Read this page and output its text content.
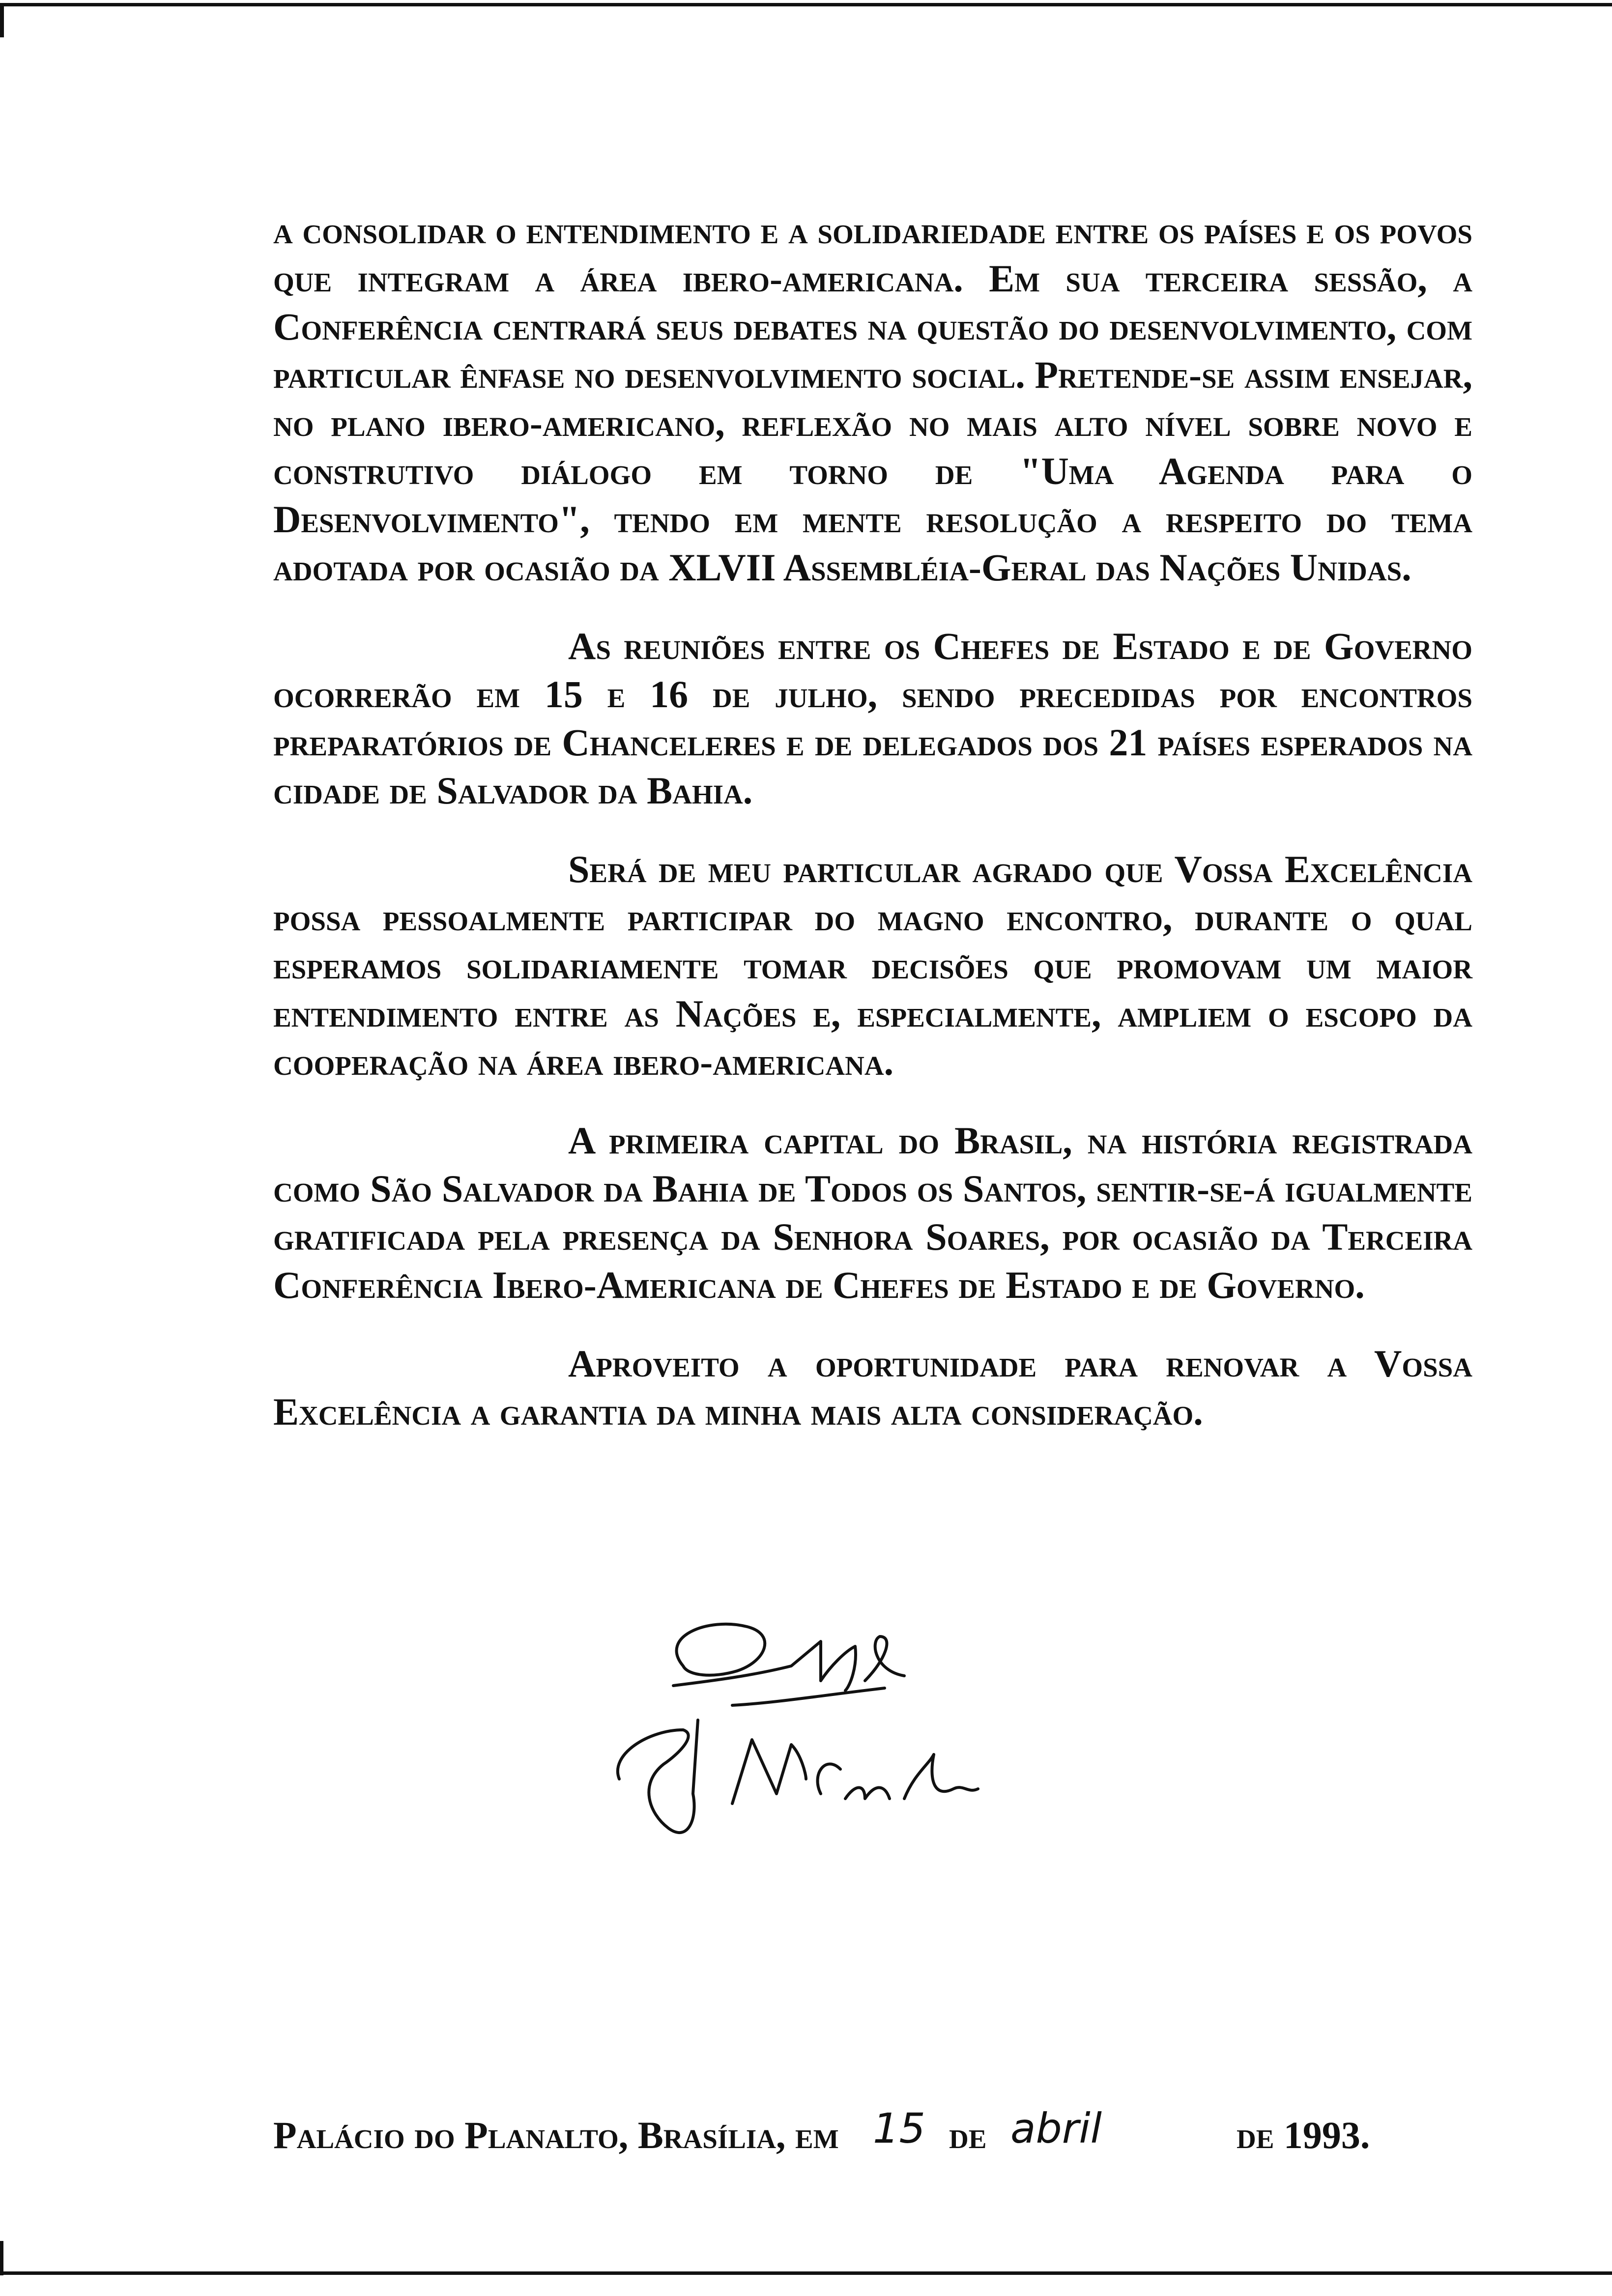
a consolidar o entendimento e a solidariedade entre os países e os povos que integram a área ibero-americana. Em sua terceira sessão, a Conferência centrará seus debates na questão do desenvolvimento, com particular ênfase no desenvolvimento social. Pretende-se assim ensejar, no plano ibero-americano, reflexão no mais alto nível sobre novo e construtivo diálogo em torno de "Uma Agenda para o Desenvolvimento", tendo em mente resolução a respeito do tema adotada por ocasião da XLVII Assembléia-Geral das Nações Unidas.

As reuniões entre os Chefes de Estado e de Governo ocorrerão em 15 e 16 de julho, sendo precedidas por encontros preparatórios de Chanceleres e de delegados dos 21 países esperados na cidade de Salvador da Bahia.

Será de meu particular agrado que Vossa Excelência possa pessoalmente participar do magno encontro, durante o qual esperamos solidariamente tomar decisões que promovam um maior entendimento entre as Nações e, especialmente, ampliem o escopo da cooperação na área ibero-americana.

A primeira capital do Brasil, na história registrada como São Salvador da Bahia de Todos os Santos, sentir-se-á igualmente gratificada pela presença da Senhora Soares, por ocasião da Terceira Conferência Ibero-Americana de Chefes de Estado e de Governo.

Aproveito a oportunidade para renovar a Vossa Excelência a garantia da minha mais alta consideração.

Palácio do Planalto, Brasília, em 15 de abril	de 1993.
